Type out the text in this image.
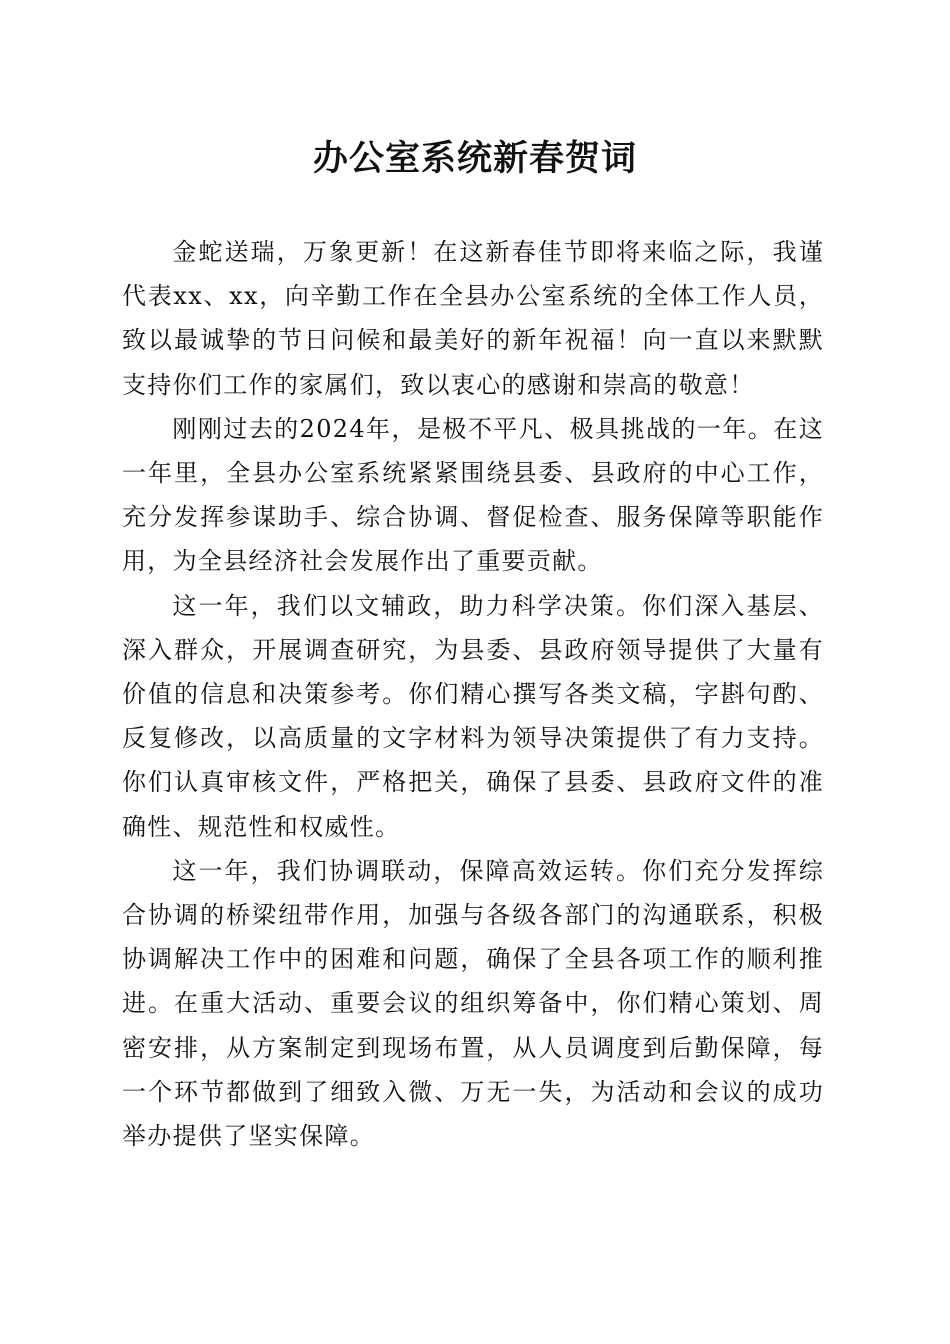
办公室系统新春贺词

金蛇送瑞，万象更新！在这新春佳节即将来临之际，我谨代表xx、xx，向辛勤工作在全县办公室系统的全体工作人员，致以最诚挚的节日问候和最美好的新年祝福！向一直以来默默支持你们工作的家属们，致以衷心的感谢和崇高的敬意！

刚刚过去的2024年，是极不平凡、极具挑战的一年。在这一年里，全县办公室系统紧紧围绕县委、县政府的中心工作，充分发挥参谋助手、综合协调、督促检查、服务保障等职能作用，为全县经济社会发展作出了重要贡献。

这一年，我们以文辅政，助力科学决策。你们深入基层、深入群众，开展调查研究，为县委、县政府领导提供了大量有价值的信息和决策参考。你们精心撰写各类文稿，字斟句酌、反复修改，以高质量的文字材料为领导决策提供了有力支持。你们认真审核文件，严格把关，确保了县委、县政府文件的准确性、规范性和权威性。

这一年，我们协调联动，保障高效运转。你们充分发挥综合协调的桥梁纽带作用，加强与各级各部门的沟通联系，积极协调解决工作中的困难和问题，确保了全县各项工作的顺利推进。在重大活动、重要会议的组织筹备中，你们精心策划、周密安排，从方案制定到现场布置，从人员调度到后勤保障，每一个环节都做到了细致入微、万无一失，为活动和会议的成功举办提供了坚实保障。
